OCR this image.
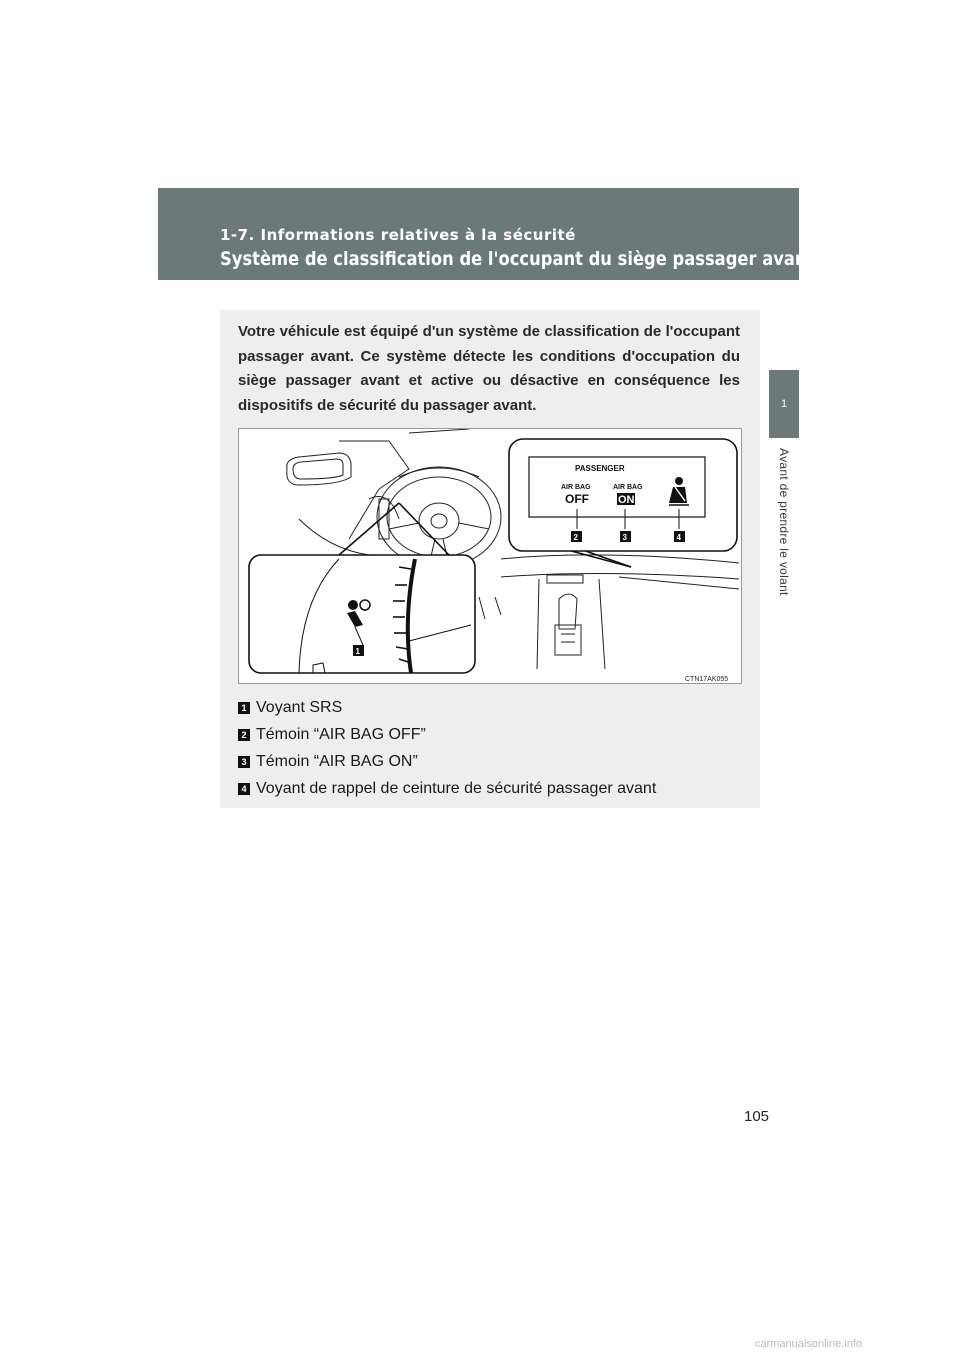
1-7. Informations relatives à la sécurité
Système de classification de l'occupant du siège passager avant
1
Avant de prendre le volant

Votre véhicule est équipé d'un système de classification de l'occupant passager avant. Ce système détecte les conditions d'occupation du siège passager avant et active ou désactive en conséquence les dispositifs de sécurité du passager avant.

PASSENGER
AIR BAG
OFF
AIR BAG
ON
2	3	4
1
CTN17AK055
1 Voyant SRS
2 Témoin “AIR BAG OFF”
3 Témoin “AIR BAG ON”
4 Voyant de rappel de ceinture de sécurité passager avant
105
carmanualsonline.info
